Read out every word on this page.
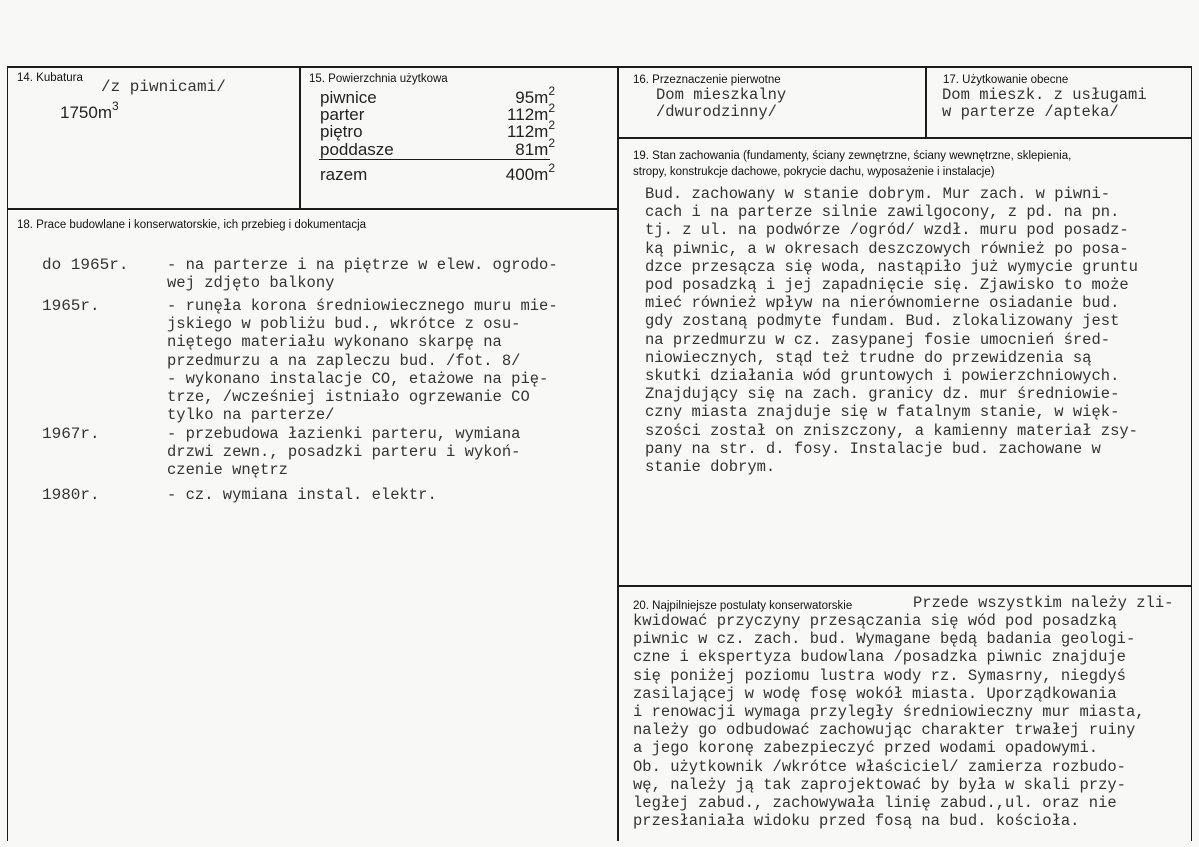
14. Kubatura /z piwnicami/
$1750m^3$
15. Powierzchnia użytkowa
piwnice	$95m^2$
parter	$112m^2$
piętro	$112m^2$
poddasze	$81m^2$
razem	$400m^2$
16. Przeznaczenie pierwotne
Dom mieszkalny
/dwurodzinny/
17. Użytkowanie obecne
Dom mieszk. z usługami
w parterze /apteka/
19. Stan zachowania (fundamenty, ściany zewnętrzne, ściany wewnętrzne, sklepienia,
stropy, konstrukcje dachowe, pokrycie dachu, wyposażenie i instalacje)
Bud. zachowany w stanie dobrym. Mur zach. w piwni-
cach i na parterze silnie zawilgocony, z pd. na pn.
tj. z ul. na podwórze /ogród/ wzdł. muru pod posadz-
ką piwnic, a w okresach deszczowych również po posa-
dzce przesącza się woda, nastąpiło już wymycie gruntu
pod posadzką i jej zapadnięcie się. Zjawisko to może
mieć również wpływ na nierównomierne osiadanie bud.
gdy zostaną podmyte fundam. Bud. zlokalizowany jest
na przedmurzu w cz. zasypanej fosie umocnień śred-
niowiecznych, stąd też trudne do przewidzenia są
skutki działania wód gruntowych i powierzchniowych.
Znajdujący się na zach. granicy dz. mur średniowie-
czny miasta znajduje się w fatalnym stanie, w więk-
szości został on zniszczony, a kamienny materiał zsy-
pany na str. d. fosy. Instalacje bud. zachowane w
stanie dobrym.
18. Prace budowlane i konserwatorskie, ich przebieg i dokumentacja
do 1965r. - na parterze i na piętrze w elew. ogrodo-
wej zdjęto balkony
1965r.	- runęła korona średniowiecznego muru mie-
jskiego w pobliżu bud., wkrótce z osu-
niętego materiału wykonano skarpę na
przedmurzu a na zapleczu bud. /fot. 8/
- wykonano instalacje CO, etażowe na pię-
trze, /wcześniej istniało ogrzewanie CO
tylko na parterze/
1967r.	- przebudowa łazienki parteru, wymiana
drzwi zewn., posadzki parteru i wykoń-
czenie wnętrz
1980r.	- cz. wymiana instal. elektr.
20. Najpilniejsze postulaty konserwatorskie	Przede wszystkim należy zli-
kwidować przyczyny przesączania się wód pod posadzką
piwnic w cz. zach. bud. Wymagane będą badania geologi-
czne i ekspertyza budowlana /posadzka piwnic znajduje
się poniżej poziomu lustra wody rz. Symasrny, niegdyś
zasilającej w wodę fosę wokół miasta. Uporządkowania
i renowacji wymaga przyległy średniowieczny mur miasta,
należy go odbudować zachowując charakter trwałej ruiny
a jego koronę zabezpieczyć przed wodami opadowymi.
Ob. użytkownik /wkrótce właściciel/ zamierza rozbudo-
wę, należy ją tak zaprojektować by była w skali przy-
ległej zabud., zachowywała linię zabud.,ul. oraz nie
przesłaniała widoku przed fosą na bud. kościoła.
